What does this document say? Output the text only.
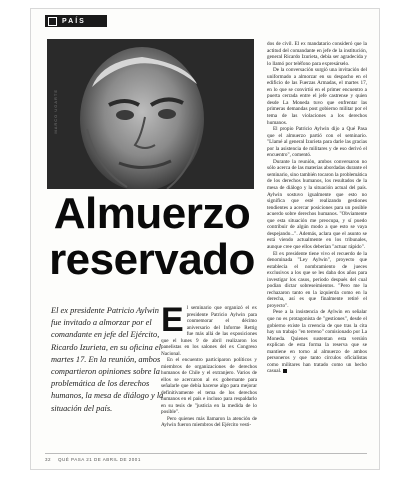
PAÍS
MARCO UGARTE
Almuerzo reservado
El ex presidente Patricio Aylwin fue invitado a almorzar por el comandante en jefe del Ejército, Ricardo Izurieta, en su oficina el martes 17. En la reunión, ambos compartieron opiniones sobre la problemática de los derechos humanos, la mesa de diálogo y la situación del país.
E l seminario que organizó el ex presidente Patricio Aylwin para conmemorar el décimo aniversario del Informe Rettig fue más allá de las exposiciones que el lunes 9 de abril realizaron los panelistas en los salones del ex Congreso Nacional.

En el encuentro participaron políticos y miembros de organizaciones de derechos humanos de Chile y el extranjero. Varios de ellos se acercaron al ex gobernante para señalarle que debía hacerse algo para mejorar definitivamente el tema de los derechos humanos en el país e incluso para respaldarlo en su tesis de "justicia en la medida de lo posible".

Pero quienes más llamaron la atención de Aylwin fueron miembros del Ejército vesti-

dos de civil. El ex mandatario consideró que la actitud del comandante en jefe de la institución, general Ricardo Izurieta, debía ser agradecida y lo llamó por teléfono para expresárselo.

De la conversación surgió una invitación del uniformado a almorzar en su despacho en el edificio de las Fuerzas Armadas, el martes 17, en lo que se convirtió en el primer encuentro a puerta cerrada entre el jefe castrense y quien desde La Moneda tuvo que enfrentar las primeras demandas post gobierno militar por el tema de las violaciones a los derechos humanos.

El propio Patricio Aylwin dijo a Qué Pasa que el almuerzo partió con el seminario. "Llamé al general Izurieta para darle las gracias por la asistencia de militares y de eso derivó el encuentro", comentó.

Durante la reunión, ambos conversaron no sólo acerca de las materias abordadas durante el seminario, sino también tocaron la problemática de los derechos humanos, los resultados de la mesa de diálogo y la situación actual del país. Aylwin sostuvo igualmente que esto no significa que esté realizando gestiones tendientes a acercar posiciones para un posible acuerdo sobre derechos humanos. "Obviamente que esta situación me preocupa, y sí puedo contribuir de algún modo a que esto se vaya despejando...". Además, aclara que el asunto se está viendo actualmente en los tribunales, aunque cree que ellos deberían "actuar rápido".

El ex presidente tiene vivo el recuerdo de la denominada "Ley Aylwin", proyecto que establecía el nombramiento de jueces exclusivos a los que se les daba dos años para investigar los casos, periodo después del cual podían dictar sobreseimientos. "Pero me la rechazaron tanto en la izquierda como en la derecha, así es que finalmente retiré el proyecto".

Pese a la insistencia de Aylwin en señalar que no es protagonista de "gestiones", desde el gobierno existe la creencia de que tras la cita hay un trabajo "en terreno" comisionado por La Moneda. Quienes sustentan esta versión explican de esta forma la reserva que se mantiene en torno al almuerzo de ambos personeros y que tanto círculos oficialistas como militares han tratado como un hecho casual.

32 QUÉ PASA 21 DE ABRIL DE 2001
